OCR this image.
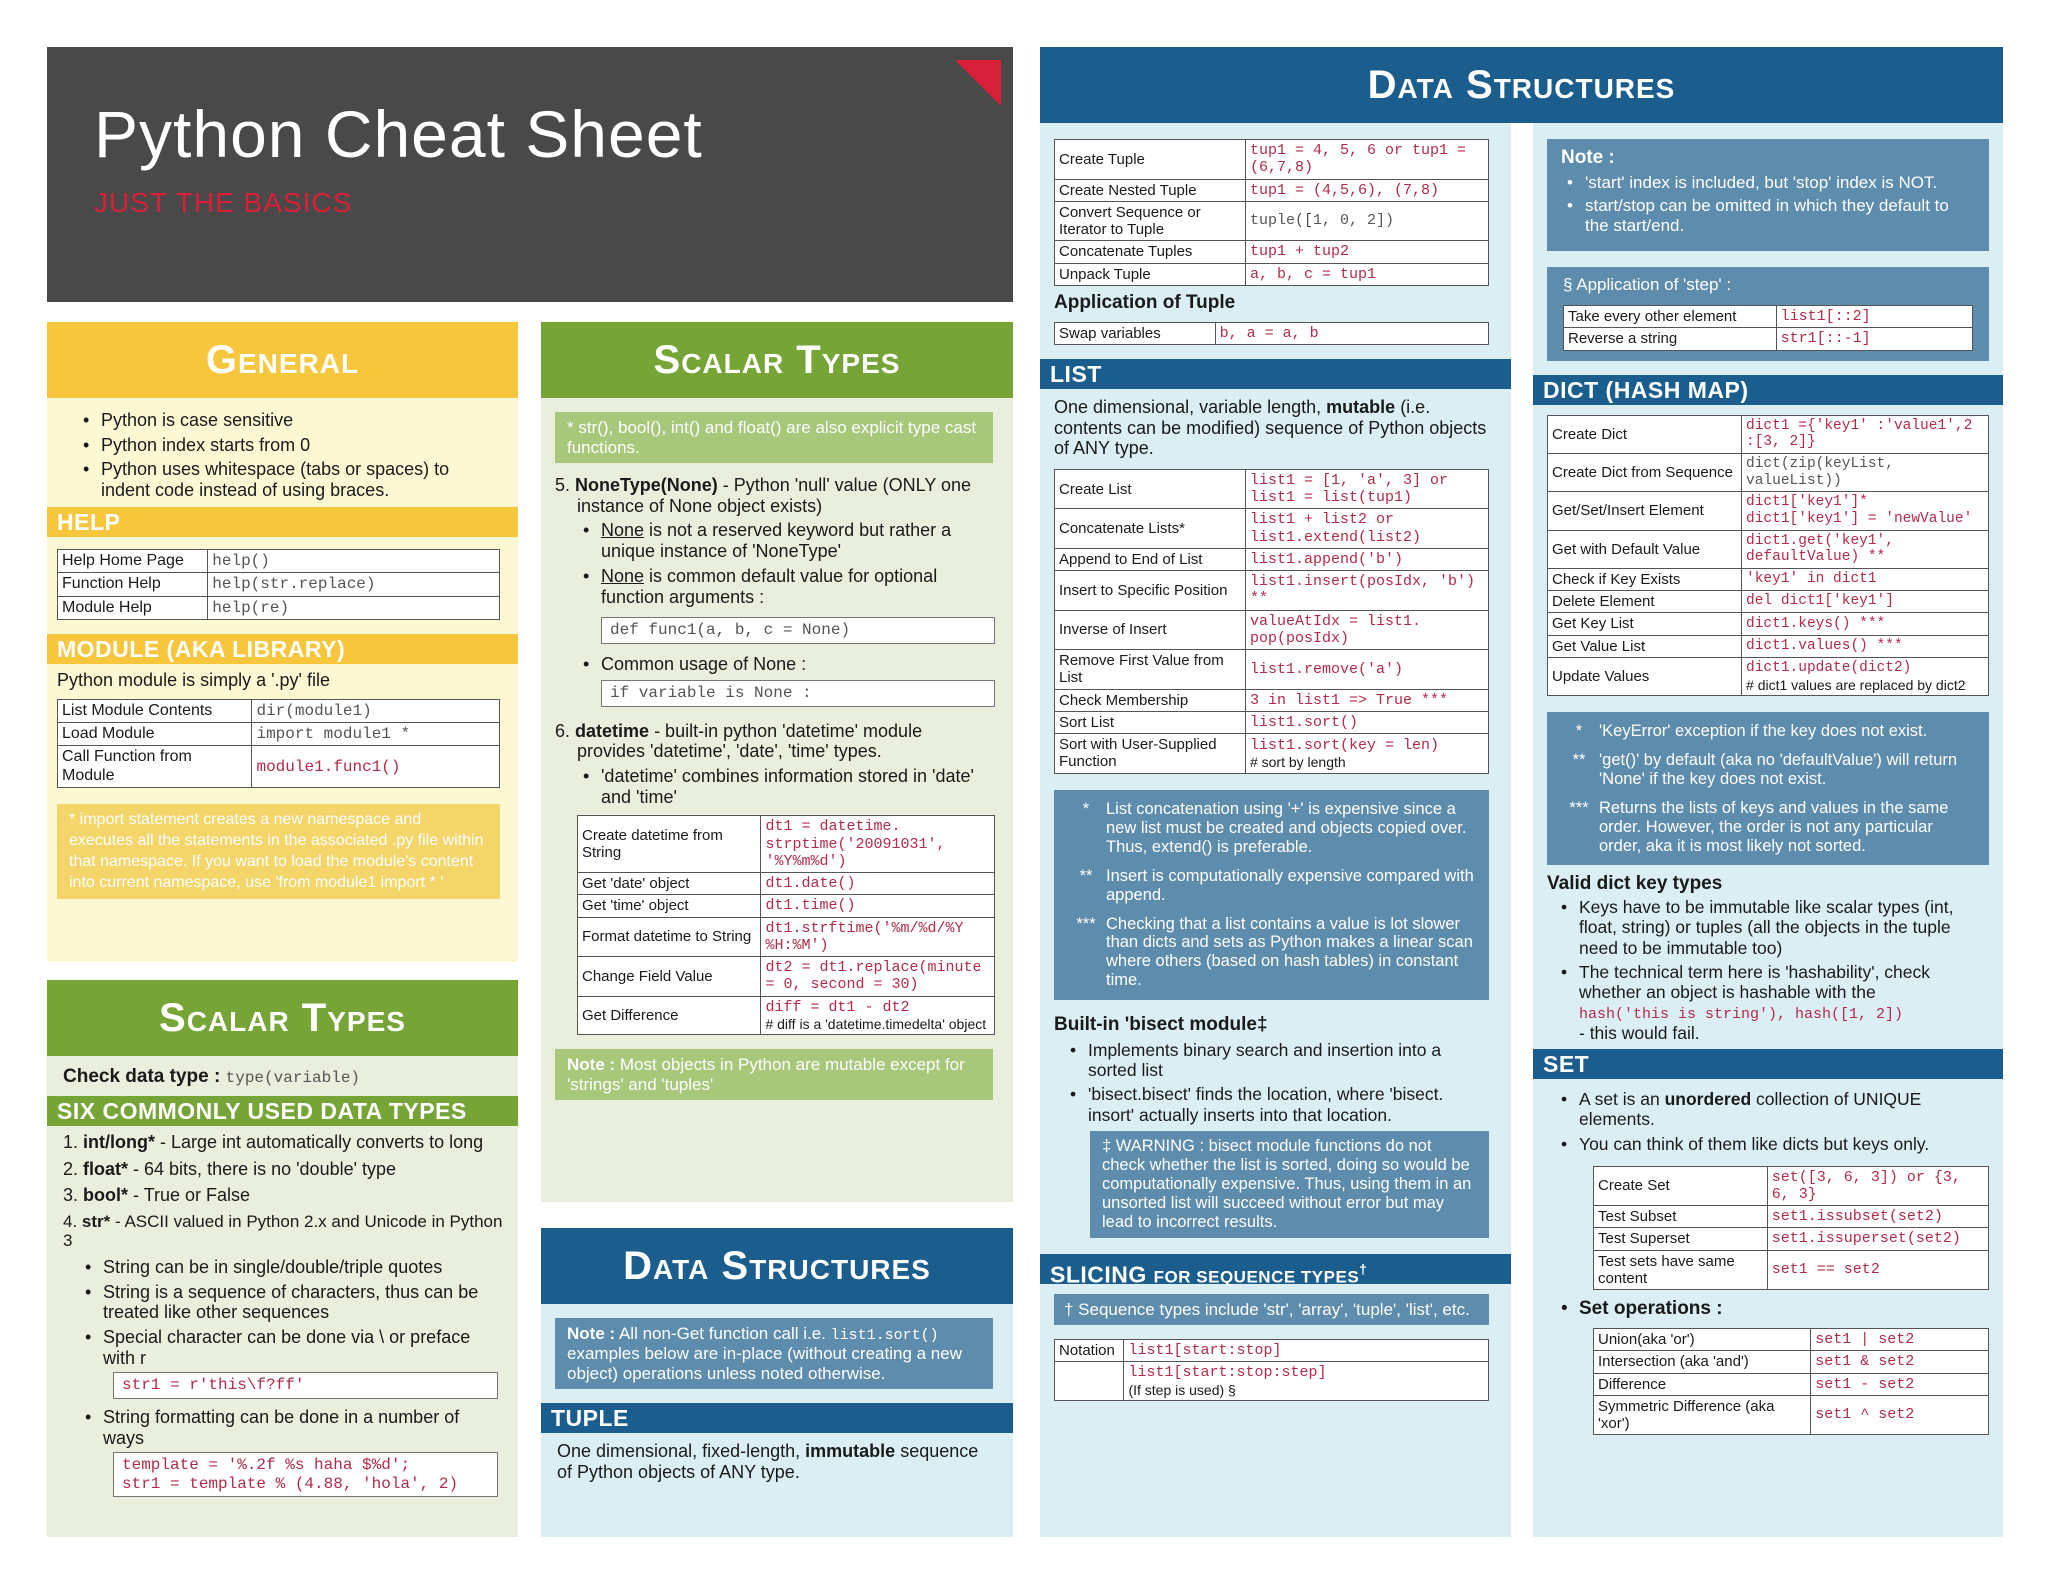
Python Cheat Sheet
JUST THE BASICS
General
• Python is case sensitive
• Python index starts from 0
• Python uses whitespace (tabs or spaces) to indent code instead of using braces.
HELP
Help Home Page	help()
Function Help	help(str.replace)
Module Help	help(re)
MODULE (AKA LIBRARY)
Python module is simply a '.py' file
List Module Contents	dir(module1)
Load Module	import module1 *
Call Function from Module	module1.func1()
* import statement creates a new namespace and executes all the statements in the associated .py file within that namespace. If you want to load the module's content into current namespace, use 'from module1 import * '
Scalar Types
Check data type : type(variable)
SIX COMMONLY USED DATA TYPES
1. int/long* - Large int automatically converts to long
2. float* - 64 bits, there is no 'double' type
3. bool* - True or False
4. str* - ASCII valued in Python 2.x and Unicode in Python 3
• String can be in single/double/triple quotes
• String is a sequence of characters, thus can be treated like other sequences
• Special character can be done via \ or preface with r
str1 = r'this\f?ff'
• String formatting can be done in a number of ways
template = '%.2f %s haha $%d';
str1 = template % (4.88, 'hola', 2)
Scalar Types
* str(), bool(), int() and float() are also explicit type cast functions.
5. NoneType(None) - Python 'null' value (ONLY one instance of None object exists)
• None is not a reserved keyword but rather a unique instance of 'NoneType'
• None is common default value for optional function arguments :
def func1(a, b, c = None)
• Common usage of None :
if variable is None :
6. datetime - built-in python 'datetime' module provides 'datetime', 'date', 'time' types.
• 'datetime' combines information stored in 'date' and 'time'
Create datetime from String	dt1 = datetime. strptime('20091031', '%Y%m%d')
Get 'date' object	dt1.date()
Get 'time' object	dt1.time()
Format datetime to String	dt1.strftime('%m/%d/%Y %H:%M')
Change Field Value	dt2 = dt1.replace(minute = 0, second = 30)
Get Difference	diff = dt1 - dt2
# diff is a 'datetime.timedelta' object
Note : Most objects in Python are mutable except for 'strings' and 'tuples'
Data Structures
Note : All non-Get function call i.e. list1.sort() examples below are in-place (without creating a new object) operations unless noted otherwise.
TUPLE
One dimensional, fixed-length, immutable sequence of Python objects of ANY type.
Data Structures
Create Tuple	tup1 = 4, 5, 6 or tup1 = (6,7,8)
Create Nested Tuple	tup1 = (4,5,6), (7,8)
Convert Sequence or Iterator to Tuple	tuple([1, 0, 2])
Concatenate Tuples	tup1 + tup2
Unpack Tuple	a, b, c = tup1
Application of Tuple
Swap variables	b, a = a, b
LIST
One dimensional, variable length, mutable (i.e. contents can be modified) sequence of Python objects of ANY type.
Create List	list1 = [1, 'a', 3] or list1 = list(tup1)
Concatenate Lists*	list1 + list2 or list1.extend(list2)
Append to End of List	list1.append('b')
Insert to Specific Position	list1.insert(posIdx, 'b') **
Inverse of Insert	valueAtIdx = list1. pop(posIdx)
Remove First Value from List	list1.remove('a')
Check Membership	3 in list1 => True ***
Sort List	list1.sort()
Sort with User-Supplied Function	list1.sort(key = len)
# sort by length
*	List concatenation using '+' is expensive since a new list must be created and objects copied over. Thus, extend() is preferable.
** Insert is computationally expensive compared with append.
*** Checking that a list contains a value is lot slower than dicts and sets as Python makes a linear scan where others (based on hash tables) in constant time.
Built-in 'bisect module‡
• Implements binary search and insertion into a sorted list
• 'bisect.bisect' finds the location, where 'bisect. insort' actually inserts into that location.
‡ WARNING : bisect module functions do not check whether the list is sorted, doing so would be computationally expensive. Thus, using them in an unsorted list will succeed without error but may lead to incorrect results.
SLICING FOR SEQUENCE TYPES†
† Sequence types include 'str', 'array', 'tuple', 'list', etc.
Notation	list1[start:stop]

	list1[start:stop:step]
(If step is used) §
Note :
• 'start' index is included, but 'stop' index is NOT.
• start/stop can be omitted in which they default to the start/end.
§ Application of 'step' :
Take every other element	list1[::2]
Reverse a string	str1[::-1]
DICT (HASH MAP)
Create Dict	dict1 ={'key1' :'value1',2 :[3, 2]}
Create Dict from Sequence	dict(zip(keyList, valueList))
Get/Set/Insert Element	dict1['key1']* dict1['key1'] = 'newValue'
Get with Default Value	dict1.get('key1', defaultValue) **
Check if Key Exists	'key1' in dict1
Delete Element	del dict1['key1']
Get Key List	dict1.keys() ***
Get Value List	dict1.values() ***
Update Values	dict1.update(dict2)
# dict1 values are replaced by dict2
*	'KeyError' exception if the key does not exist.
** 'get()' by default (aka no 'defaultValue') will return 'None' if the key does not exist.
*** Returns the lists of keys and values in the same order. However, the order is not any particular order, aka it is most likely not sorted.
Valid dict key types
• Keys have to be immutable like scalar types (int, float, string) or tuples (all the objects in the tuple need to be immutable too)
• The technical term here is 'hashability', check whether an object is hashable with the
hash('this is string'), hash([1, 2])
- this would fail.
SET
• A set is an unordered collection of UNIQUE elements.
• You can think of them like dicts but keys only.
Create Set	set([3, 6, 3]) or {3, 6, 3}
Test Subset	set1.issubset(set2)
Test Superset	set1.issuperset(set2)
Test sets have same content	set1 == set2
• Set operations :
Union(aka 'or')	set1 | set2
Intersection (aka 'and')	set1 & set2
Difference	set1 - set2
Symmetric Difference (aka 'xor')	set1 ^ set2
